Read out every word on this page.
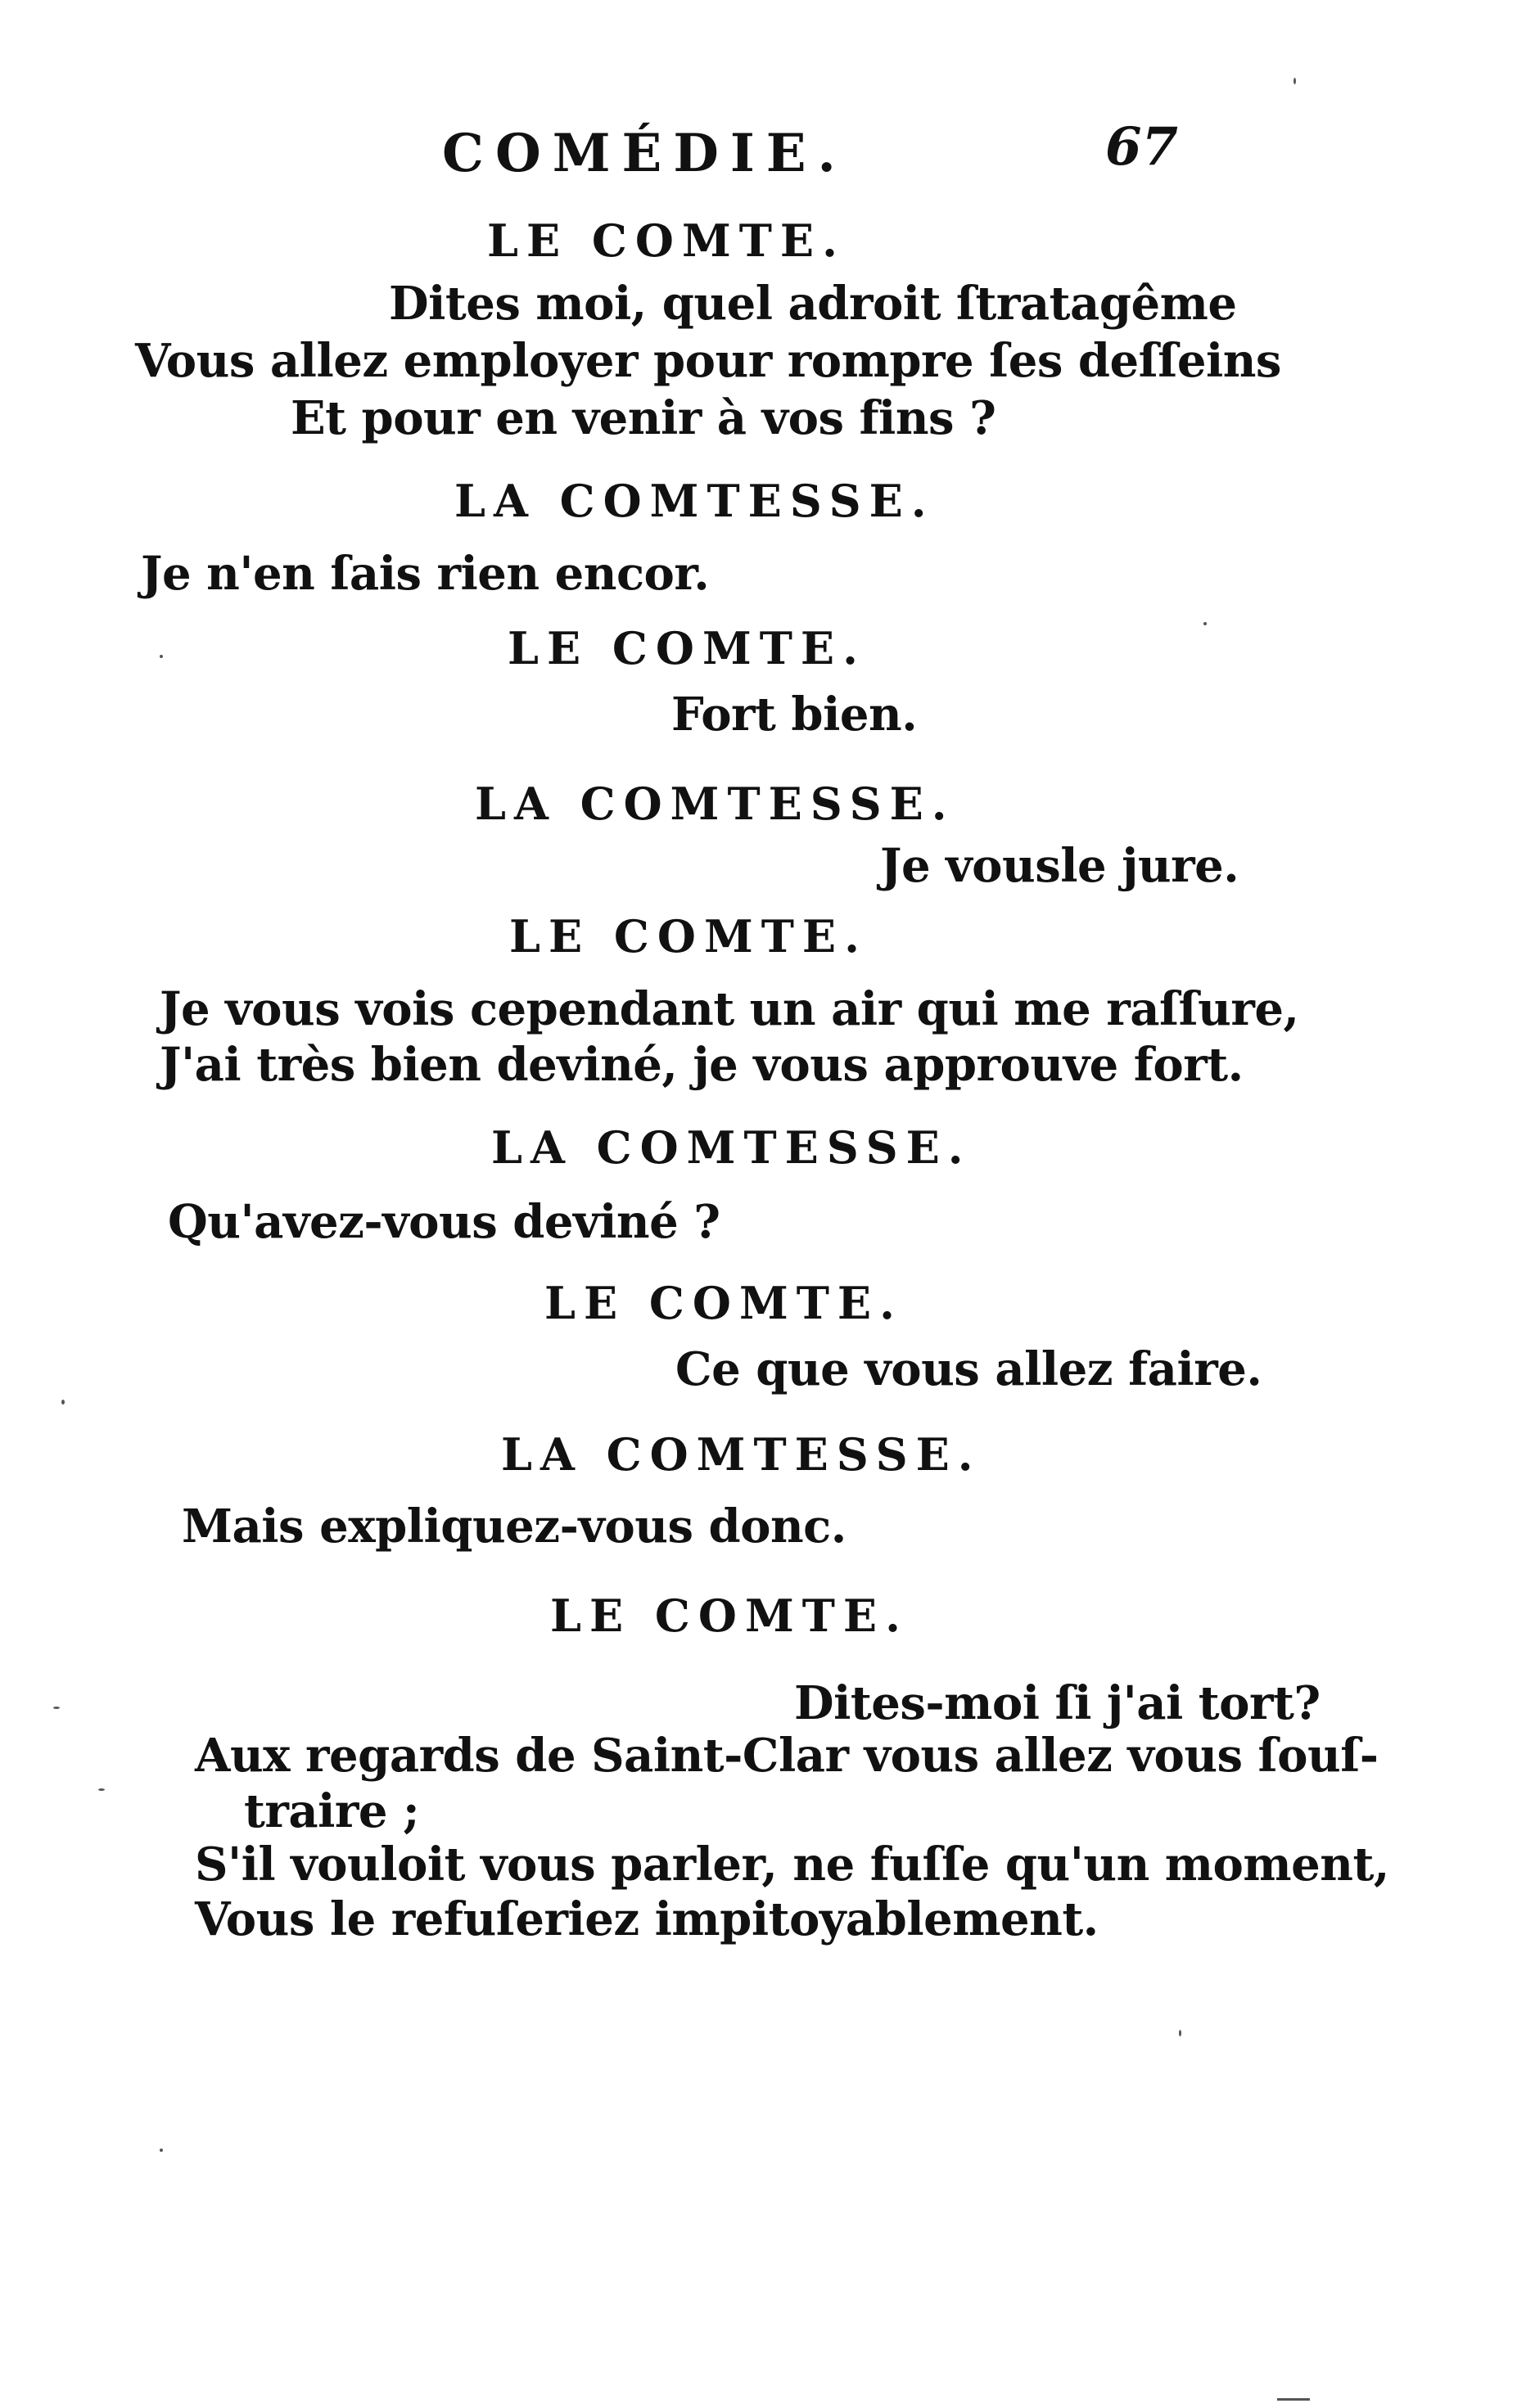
COMÉDIE.	67
LE COMTE.
Dites moi, quel adroit ſtratagême
Vous allez employer pour rompre ſes deſſeins
Et pour en venir à vos fins ?
LA COMTESSE.
Je n'en ſais rien encor.
LE COMTE.
Fort bien.
LA COMTESSE.
Je vousle jure.
LE COMTE.
Je vous vois cependant un air qui me raſſure,
J'ai très bien deviné, je vous approuve fort.
LA COMTESSE.
Qu'avez-vous deviné ?
LE COMTE.
Ce que vous allez faire.
LA COMTESSE.
Mais expliquez-vous donc.
LE COMTE.
Dites-moi ſi j'ai tort?
Aux regards de Saint-Clar vous allez vous ſouſ-
traire ;
S'il vouloit vous parler, ne fuſſe qu'un moment,
Vous le refuſeriez impitoyablement.
